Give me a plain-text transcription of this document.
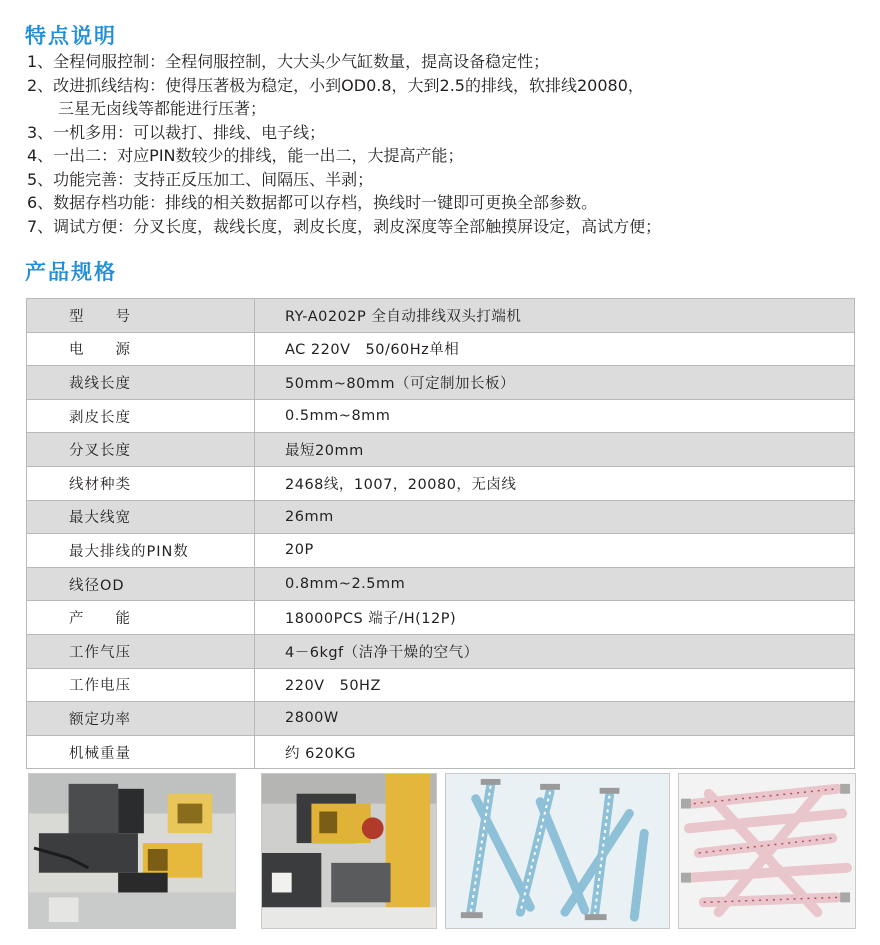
特点说明
1、全程伺服控制：全程伺服控制，大大头少气缸数量，提高设备稳定性；
2、改进抓线结构：使得压著极为稳定，小到OD0.8，大到2.5的排线，软排线20080，
三星无卤线等都能进行压著；
3、一机多用：可以裁打、排线、电子线；
4、一出二：对应PIN数较少的排线，能一出二，大提高产能；
5、功能完善：支持正反压加工、间隔压、半剥；
6、数据存档功能：排线的相关数据都可以存档，换线时一键即可更换全部参数。
7、调试方便：分叉长度，裁线长度，剥皮长度，剥皮深度等全部触摸屏设定，高试方便；
产品规格
型　　号	RY-A0202P 全自动排线双头打端机
电　　源	AC 220V　50/60Hz单相
裁线长度	50mm~80mm（可定制加长板）
剥皮长度	0.5mm~8mm
分叉长度	最短20mm
线材种类	2468线，1007，20080，无卤线
最大线宽	26mm
最大排线的PIN数	20P
线径OD	0.8mm~2.5mm
产　　能	18000PCS 端子/H(12P)
工作气压	4－6kgf（洁净干燥的空气）
工作电压	220V　50HZ
额定功率	2800W
机械重量	约 620KG
